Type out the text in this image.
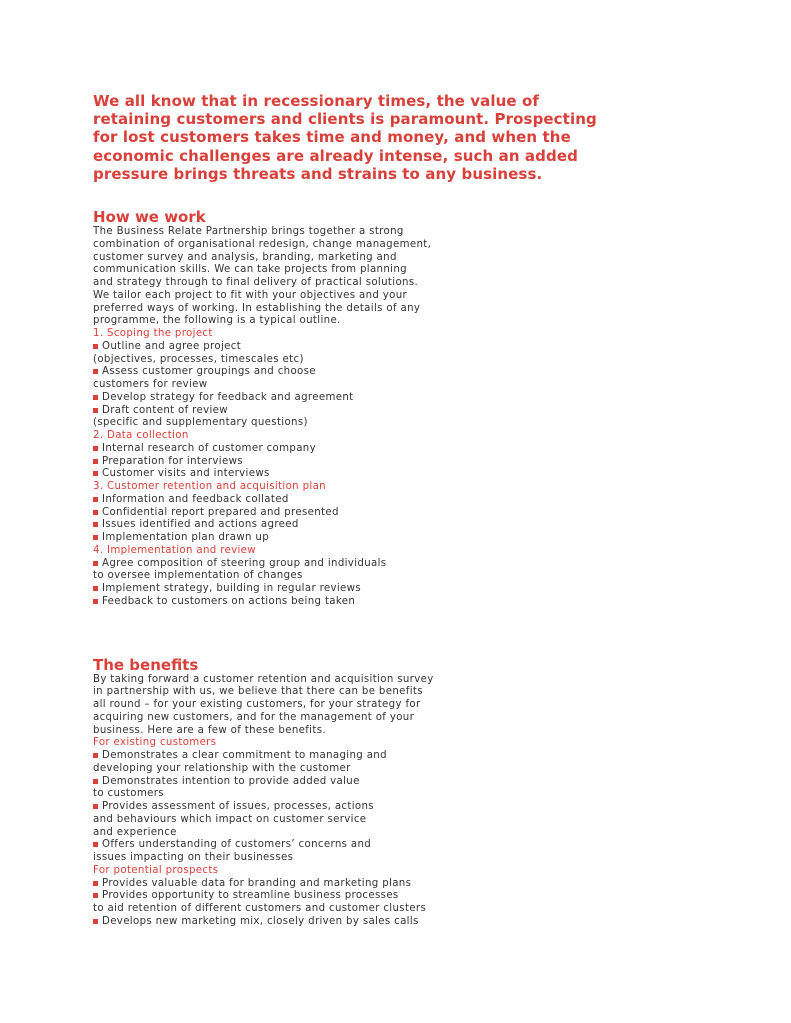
We all know that in recessionary times, the value of
retaining customers and clients is paramount. Prospecting
for lost customers takes time and money, and when the
economic challenges are already intense, such an added
pressure brings threats and strains to any business.
How we work
The Business Relate Partnership brings together a strong
combination of organisational redesign, change management,
customer survey and analysis, branding, marketing and
communication skills. We can take projects from planning
and strategy through to final delivery of practical solutions.
We tailor each project to fit with your objectives and your
preferred ways of working. In establishing the details of any
programme, the following is a typical outline.
1. Scoping the project
Outline and agree project
(objectives, processes, timescales etc)
Assess customer groupings and choose
customers for review
Develop strategy for feedback and agreement
Draft content of review
(specific and supplementary questions)
2. Data collection
Internal research of customer company
Preparation for interviews
Customer visits and interviews
3. Customer retention and acquisition plan
Information and feedback collated
Confidential report prepared and presented
Issues identified and actions agreed
Implementation plan drawn up
4. Implementation and review
Agree composition of steering group and individuals
to oversee implementation of changes
Implement strategy, building in regular reviews
Feedback to customers on actions being taken
The benefits
By taking forward a customer retention and acquisition survey
in partnership with us, we believe that there can be benefits
all round – for your existing customers, for your strategy for
acquiring new customers, and for the management of your
business. Here are a few of these benefits.
For existing customers
Demonstrates a clear commitment to managing and
developing your relationship with the customer
Demonstrates intention to provide added value
to customers
Provides assessment of issues, processes, actions
and behaviours which impact on customer service
and experience
Offers understanding of customers’ concerns and
issues impacting on their businesses
For potential prospects
Provides valuable data for branding and marketing plans
Provides opportunity to streamline business processes
to aid retention of different customers and customer clusters
Develops new marketing mix, closely driven by sales calls
